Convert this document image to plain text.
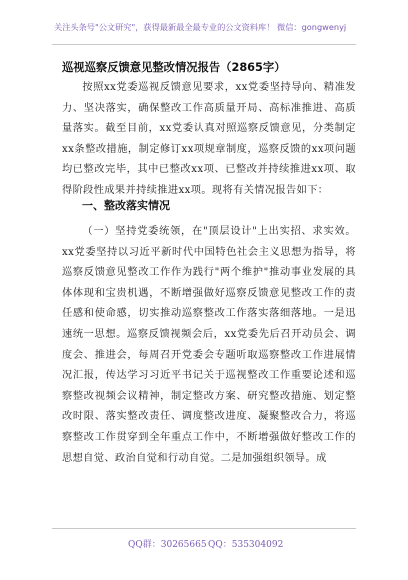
关注头条号"公文研究"，获得最新最全最专业的公文资料库！ 微信：gongwenyj
巡视巡察反馈意见整改情况报告（2865字）

按照xx党委巡视反馈意见要求，xx党委坚持导向、精准发力、坚决落实，确保整改工作高质量开局、高标准推进、高质量落实。截至目前，xx党委认真对照巡察反馈意见，分类制定xx条整改措施，制定修订xx项规章制度，巡察反馈的xx项问题均已整改完毕，其中已整改xx项、已整改并持续推进xx项、取得阶段性成果并持续推进xx项。现将有关情况报告如下：

一、整改落实情况

（一）坚持党委统领，在"顶层设计"上出实招、求实效。xx党委坚持以习近平新时代中国特色社会主义思想为指导，将巡察反馈意见整改工作作为践行"两个维护"推动事业发展的具体体现和宝贵机遇，不断增强做好巡察反馈意见整改工作的责任感和使命感，切实推动巡察整改工作落实落细落地。一是迅速统一思想。巡察反馈视频会后，xx党委先后召开动员会、调度会、推进会，每周召开党委会专题听取巡察整改工作进展情况汇报，传达学习习近平书记关于巡视整改工作重要论述和巡察整改视频会议精神，制定整改方案、研究整改措施、划定整改时限、落实整改责任、调度整改进度、凝聚整改合力，将巡察整改工作贯穿到全年重点工作中，不断增强做好整改工作的思想自觉、政治自觉和行动自觉。二是加强组织领导。成

QQ群：30265665 QQ：535304092
